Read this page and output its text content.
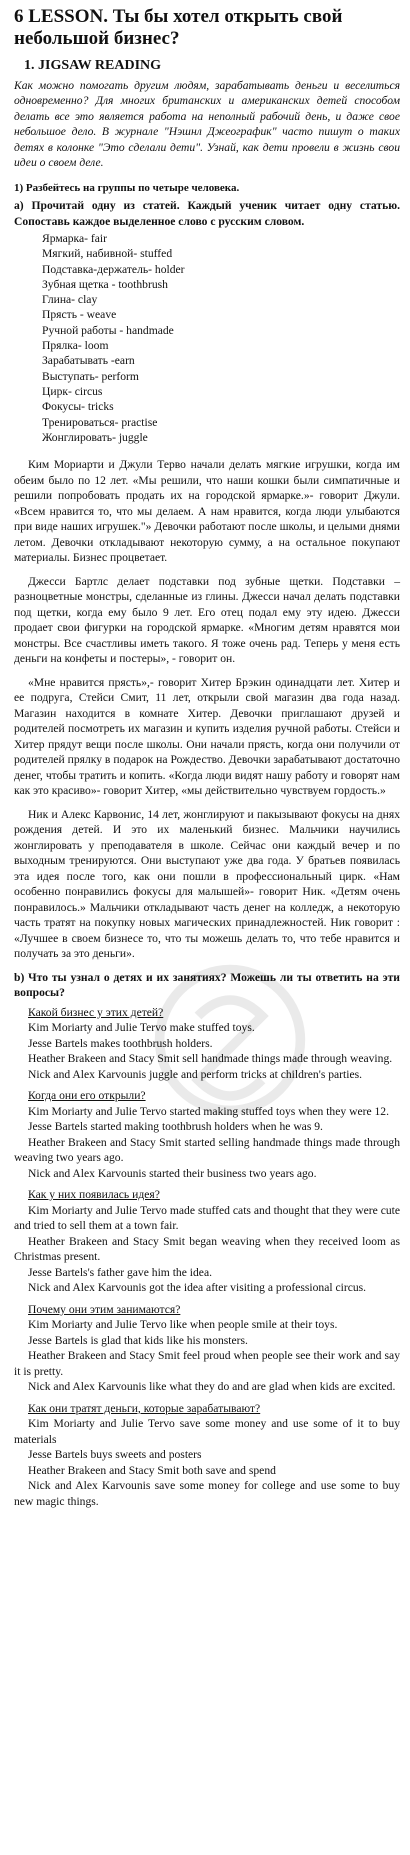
6 LESSON. Ты бы хотел открыть свой небольшой бизнес?
1. JIGSAW READING

Как можно помогать другим людям, зарабатывать деньги и веселиться одновременно? Для многих британских и американских детей способом делать все это является работа на неполный рабочий день, и даже свое небольшое дело. В журнале "Нэшнл Джеографик" часто пишут о таких детях в колонке "Это сделали дети". Узнай, как дети провели в жизнь свои идеи о своем деле.

1) Разбейтесь на группы по четыре человека.

а) Прочитай одну из статей. Каждый ученик читает одну статью. Сопоставь каждое выделенное слово с русским словом.

Ярмарка- fair
Мягкий, набивной- stuffed
Подставка-держатель- holder
Зубная щетка - toothbrush
Глина- clay
Прясть - weave
Ручной работы - handmade
Прялка- loom
Зарабатывать -earn
Выступать- perform
Цирк- circus
Фокусы- tricks
Тренироваться- practise
Жонглировать- juggle

Ким Мориарти и Джули Терво начали делать мягкие игрушки, когда им обеим было по 12 лет. «Мы решили, что наши кошки были симпатичные и решили попробовать продать их на городской ярмарке.»- говорит Джули. «Всем нравится то, что мы делаем. А нам нравится, когда люди улыбаются при виде наших игрушек."» Девочки работают после школы, и целыми днями летом. Девочки откладывают некоторую сумму, а на остальное покупают материалы. Бизнес процветает.

Джесси Бартлс делает подставки под зубные щетки. Подставки – разноцветные монстры, сделанные из глины. Джесси начал делать подставки под щетки, когда ему было 9 лет. Его отец подал ему эту идею. Джесси продает свои фигурки на городской ярмарке. «Многим детям нравятся мои монстры. Все счастливы иметь такого. Я тоже очень рад. Теперь у меня есть деньги на конфеты и постеры», - говорит он.

«Мне нравится прясть»,- говорит Хитер Брэкин одинадцати лет. Хитер и ее подруга, Стейси Смит, 11 лет, открыли свой магазин два года назад. Магазин находится в комнате Хитер. Девочки приглашают друзей и родителей посмотреть их магазин и купить изделия ручной работы. Стейси и Хитер прядут вещи после школы. Они начали прясть, когда они получили от родителей прялку в подарок на Рождество. Девочки зарабатывают достаточно денег, чтобы тратить и копить. «Когда люди видят нашу работу и говорят нам как это красиво»- говорит Хитер, «мы действительно чувствуем гордость.»

Ник и Алекс Карвонис, 14 лет, жонглируют и пакызывают фокусы на днях рождения детей. И это их маленький бизнес. Мальчики научились жонглировать у преподавателя в школе. Сейчас они каждый вечер и по выходным тренируются. Они выступают уже два года. У братьев появилась эта идея после того, как они пошли в профессиональный цирк. «Нам особенно понравились фокусы для малышей»- говорит Ник. «Детям очень понравилось.» Мальчики откладывают часть денег на колледж, а некоторую часть тратят на покупку новых магических принадлежностей. Ник говорит : «Лучшее в своем бизнесе то, что ты можешь делать то, что тебе нравится и получать за это деньги».

b) Что ты узнал о детях и их занятиях? Можешь ли ты ответить на эти вопросы?

Какой бизнес у этих детей?

Kim Moriarty and Julie Tervo make stuffed toys.

Jesse Bartels makes toothbrush holders.

Heather Brakeen and Stacy Smit sell handmade things made through weaving.

Nick and Alex Karvounis juggle and perform tricks at children's parties.

Когда они его открыли?

Kim Moriarty and Julie Tervo started making stuffed toys when they were 12.

Jesse Bartels started making toothbrush holders when he was 9.

Heather Brakeen and Stacy Smit started selling handmade things made through weaving two years ago.

Nick and Alex Karvounis started their business two years ago.

Как у них появилась идея?

Kim Moriarty and Julie Tervo made stuffed cats and thought that they were cute and tried to sell them at a town fair.

Heather Brakeen and Stacy Smit began weaving when they received loom as Christmas present.

Jesse Bartels's father gave him the idea.

Nick and Alex Karvounis got the idea after visiting a professional circus.

Почему они этим занимаются?

Kim Moriarty and Julie Tervo like when people smile at their toys.

Jesse Bartels is glad that kids like his monsters.

Heather Brakeen and Stacy Smit feel proud when people see their work and say it is pretty.

Nick and Alex Karvounis like what they do and are glad when kids are excited.

Как они тратят деньги, которые зарабатывают?

Kim Moriarty and Julie Tervo save some money and use some of it to buy materials

Jesse Bartels buys sweets and posters

Heather Brakeen and Stacy Smit both save and spend

Nick and Alex Karvounis save some money for college and use some to buy new magic things.
